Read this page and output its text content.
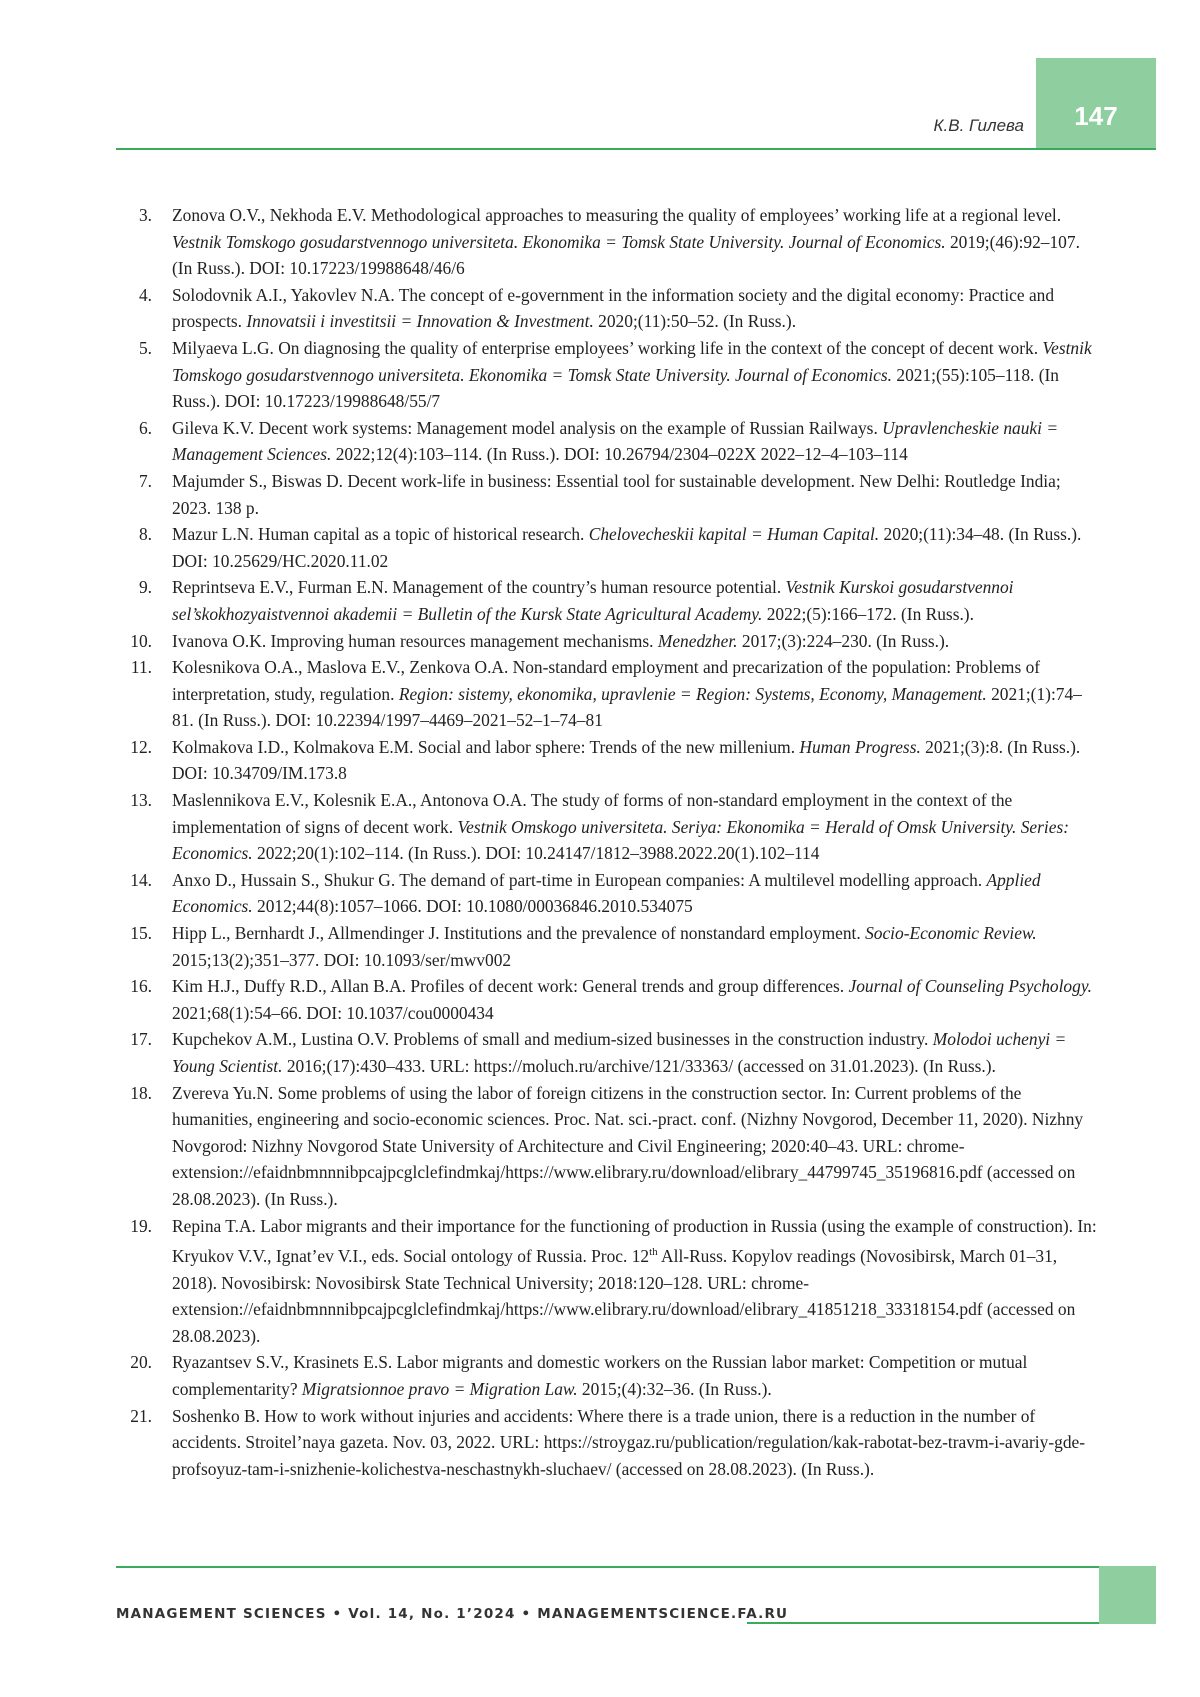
147
К.В. Гилева
3. Zonova O.V., Nekhoda E.V. Methodological approaches to measuring the quality of employees’ working life at a regional level. Vestnik Tomskogo gosudarstvennogo universiteta. Ekonomika = Tomsk State University. Journal of Economics. 2019;(46):92–107. (In Russ.). DOI: 10.17223/19988648/46/6
4. Solodovnik A.I., Yakovlev N.A. The concept of e-government in the information society and the digital economy: Practice and prospects. Innovatsii i investitsii = Innovation & Investment. 2020;(11):50–52. (In Russ.).
5. Milyaeva L.G. On diagnosing the quality of enterprise employees’ working life in the context of the concept of decent work. Vestnik Tomskogo gosudarstvennogo universiteta. Ekonomika = Tomsk State University. Journal of Economics. 2021;(55):105–118. (In Russ.). DOI: 10.17223/19988648/55/7
6. Gileva K.V. Decent work systems: Management model analysis on the example of Russian Railways. Upravlencheskie nauki = Management Sciences. 2022;12(4):103–114. (In Russ.). DOI: 10.26794/2304–022X 2022–12–4–103–114
7. Majumder S., Biswas D. Decent work-life in business: Essential tool for sustainable development. New Delhi: Routledge India; 2023. 138 p.
8. Mazur L.N. Human capital as a topic of historical research. Chelovecheskii kapital = Human Capital. 2020;(11):34–48. (In Russ.). DOI: 10.25629/HC.2020.11.02
9. Reprintseva E.V., Furman E.N. Management of the country’s human resource potential. Vestnik Kurskoi gosudarstvennoi sel’skokhozyaistvennoi akademii = Bulletin of the Kursk State Agricultural Academy. 2022;(5):166–172. (In Russ.).
10. Ivanova O.K. Improving human resources management mechanisms. Menedzher. 2017;(3):224–230. (In Russ.).
11. Kolesnikova O.A., Maslova E.V., Zenkova O.A. Non-standard employment and precarization of the population: Problems of interpretation, study, regulation. Region: sistemy, ekonomika, upravlenie = Region: Systems, Economy, Management. 2021;(1):74–81. (In Russ.). DOI: 10.22394/1997–4469–2021–52–1–74–81
12. Kolmakova I.D., Kolmakova E.M. Social and labor sphere: Trends of the new millenium. Human Progress. 2021;(3):8. (In Russ.). DOI: 10.34709/IM.173.8
13. Maslennikova E.V., Kolesnik E.A., Antonova O.A. The study of forms of non-standard employment in the context of the implementation of signs of decent work. Vestnik Omskogo universiteta. Seriya: Ekonomika = Herald of Omsk University. Series: Economics. 2022;20(1):102–114. (In Russ.). DOI: 10.24147/1812–3988.2022.20(1).102–114
14. Anxo D., Hussain S., Shukur G. The demand of part-time in European companies: A multilevel modelling approach. Applied Economics. 2012;44(8):1057–1066. DOI: 10.1080/00036846.2010.534075
15. Hipp L., Bernhardt J., Allmendinger J. Institutions and the prevalence of nonstandard employment. Socio-Economic Review. 2015;13(2);351–377. DOI: 10.1093/ser/mwv002
16. Kim H.J., Duffy R.D., Allan B.A. Profiles of decent work: General trends and group differences. Journal of Counseling Psychology. 2021;68(1):54–66. DOI: 10.1037/cou0000434
17. Kupchekov A.M., Lustina O.V. Problems of small and medium-sized businesses in the construction industry. Molodoi uchenyi = Young Scientist. 2016;(17):430–433. URL: https://moluch.ru/archive/121/33363/ (accessed on 31.01.2023). (In Russ.).
18. Zvereva Yu.N. Some problems of using the labor of foreign citizens in the construction sector. In: Current problems of the humanities, engineering and socio-economic sciences. Proc. Nat. sci.-pract. conf. (Nizhny Novgorod, December 11, 2020). Nizhny Novgorod: Nizhny Novgorod State University of Architecture and Civil Engineering; 2020:40–43. URL: chrome-extension://efaidnbmnnnibpcajpcglclefindmkaj/https://www.elibrary.ru/download/elibrary_44799745_35196816.pdf (accessed on 28.08.2023). (In Russ.).
19. Repina T.A. Labor migrants and their importance for the functioning of production in Russia (using the example of construction). In: Kryukov V.V., Ignat’ev V.I., eds. Social ontology of Russia. Proc. 12th All-Russ. Kopylov readings (Novosibirsk, March 01–31, 2018). Novosibirsk: Novosibirsk State Technical University; 2018:120–128. URL: chrome-extension://efaidnbmnnnibpcajpcglclefindmkaj/https://www.elibrary.ru/download/elibrary_41851218_33318154.pdf (accessed on 28.08.2023).
20. Ryazantsev S.V., Krasinets E.S. Labor migrants and domestic workers on the Russian labor market: Competition or mutual complementarity? Migratsionnoe pravo = Migration Law. 2015;(4):32–36. (In Russ.).
21. Soshenko B. How to work without injuries and accidents: Where there is a trade union, there is a reduction in the number of accidents. Stroitel’naya gazeta. Nov. 03, 2022. URL: https://stroygaz.ru/publication/regulation/kak-rabotat-bez-travm-i-avariy-gde-profsoyuz-tam-i-snizhenie-kolichestva-neschastnykh-sluchaev/ (accessed on 28.08.2023). (In Russ.).
MANAGEMENT SCIENCES • Vol. 14, No. 1’2024 • MANAGEMENTSCIENCE.FA.RU
